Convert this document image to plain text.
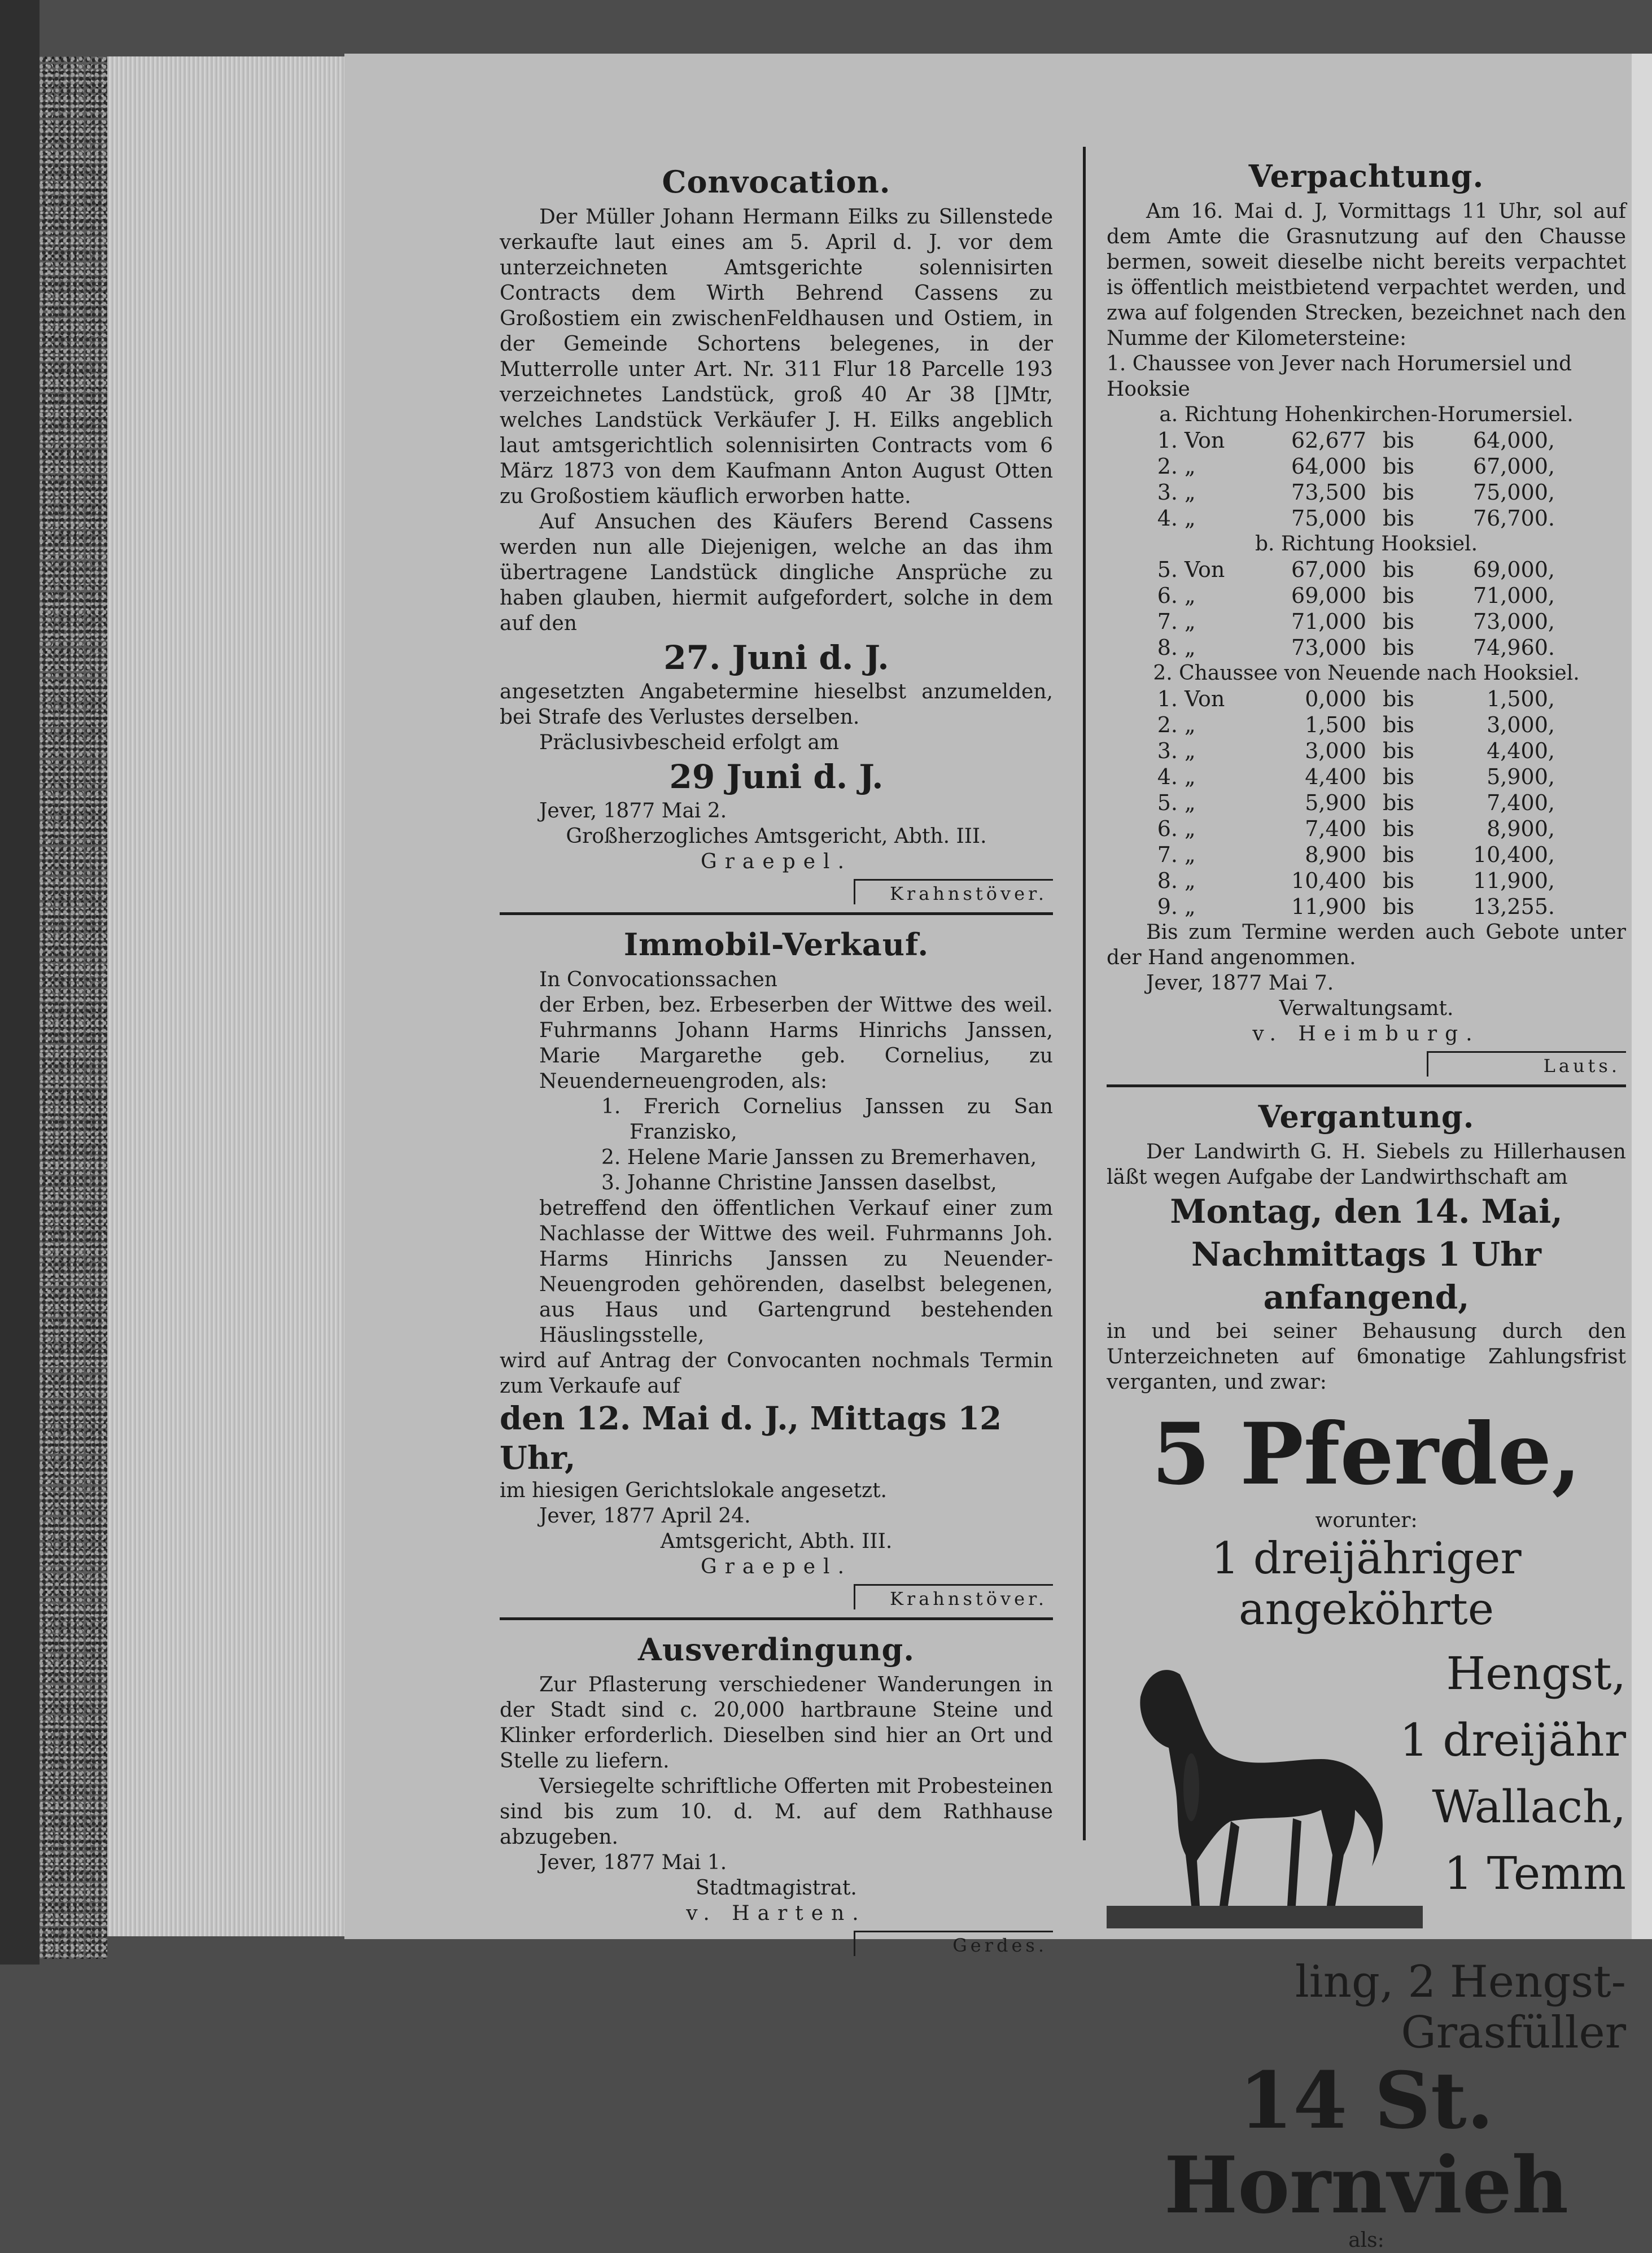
Convocation.

Der Müller Johann Hermann Eilks zu Sillenstede verkaufte laut eines am 5. April d. J. vor dem unterzeichneten Amtsgerichte solennisirten Contracts dem Wirth Behrend Cassens zu Großostiem ein zwischenFeldhausen und Ostiem, in der Gemeinde Schortens belegenes, in der Mutterrolle unter Art. Nr. 311 Flur 18 Parcelle 193 verzeichnetes Landstück, groß 40 Ar 38 []Mtr, welches Landstück Verkäufer J. H. Eilks angeblich laut amtsgerichtlich solennisirten Contracts vom 6 März 1873 von dem Kaufmann Anton August Otten zu Großostiem käuflich erworben hatte.

Auf Ansuchen des Käufers Berend Cassens werden nun alle Diejenigen, welche an das ihm übertragene Landstück dingliche Ansprüche zu haben glauben, hiermit aufgefordert, solche in dem auf den

27. Juni d. J.

angesetzten Angabetermine hieselbst anzumelden, bei Strafe des Verlustes derselben.

Präclusivbescheid erfolgt am

29 Juni d. J.

Jever, 1877 Mai 2.

Großherzogliches Amtsgericht, Abth. III.

Graepel.

Krahnstöver.
Immobil-Verkauf.

In Convocationssachen

der Erben, bez. Erbeserben der Wittwe des weil. Fuhrmanns Johann Harms Hinrichs Janssen, Marie Margarethe geb. Cornelius, zu Neuenderneuengroden, als:

1. Frerich Cornelius Janssen zu San Franzisko,

2. Helene Marie Janssen zu Bremerhaven,

3. Johanne Christine Janssen daselbst,

betreffend den öffentlichen Verkauf einer zum Nachlasse der Wittwe des weil. Fuhrmanns Joh. Harms Hinrichs Janssen zu Neuender-Neuengroden gehörenden, daselbst belegenen, aus Haus und Gartengrund bestehenden Häuslingsstelle,

wird auf Antrag der Convocanten nochmals Termin zum Verkaufe auf

den 12. Mai d. J., Mittags 12 Uhr,

im hiesigen Gerichtslokale angesetzt.

Jever, 1877 April 24.

Amtsgericht, Abth. III.

Graepel.

Krahnstöver.
Ausverdingung.

Zur Pflasterung verschiedener Wanderungen in der Stadt sind c. 20,000 hartbraune Steine und Klinker erforderlich. Dieselben sind hier an Ort und Stelle zu liefern.

Versiegelte schriftliche Offerten mit Probesteinen sind bis zum 10. d. M. auf dem Rathhause abzugeben.

Jever, 1877 Mai 1.

Stadtmagistrat.

v. Harten.

Gerdes.
Verpachtung.

Am 16. Mai d. J, Vormittags 11 Uhr, sol auf dem Amte die Grasnutzung auf den Chausse bermen, soweit dieselbe nicht bereits verpachtet is öffentlich meistbietend verpachtet werden, und zwa auf folgenden Strecken, bezeichnet nach den Numme der Kilometersteine:

1. Chaussee von Jever nach Horumersiel und Hooksie

a. Richtung Hohenkirchen-Horumersiel.

1.	Von	62,677	bis	64,000,
2.	„	64,000	bis	67,000,
3.	„	73,500	bis	75,000,
4.	„	75,000	bis	76,700.

b. Richtung Hooksiel.

5.	Von	67,000	bis	69,000,
6.	„	69,000	bis	71,000,
7.	„	71,000	bis	73,000,
8.	„	73,000	bis	74,960.

2. Chaussee von Neuende nach Hooksiel.

1.	Von	0,000	bis	1,500,
2.	„	1,500	bis	3,000,
3.	„	3,000	bis	4,400,
4.	„	4,400	bis	5,900,
5.	„	5,900	bis	7,400,
6.	„	7,400	bis	8,900,
7.	„	8,900	bis	10,400,
8.	„	10,400	bis	11,900,
9.	„	11,900	bis	13,255.

Bis zum Termine werden auch Gebote unter der Hand angenommen.

Jever, 1877 Mai 7.

Verwaltungsamt.

v. Heimburg.

Lauts.
Vergantung.

Der Landwirth G. H. Siebels zu Hillerhausen läßt wegen Aufgabe der Landwirthschaft am

Montag, den 14. Mai,

Nachmittags 1 Uhr anfangend,

in und bei seiner Behausung durch den Unterzeichneten auf 6monatige Zahlungsfrist verganten, und zwar:

5 Pferde,

worunter:

1 dreijähriger angeköhrte

Hengst,

1 dreijähr

Wallach,

1 Temm

ling, 2 Hengst-Grasfüller

14 St. Hornvieh

als:
